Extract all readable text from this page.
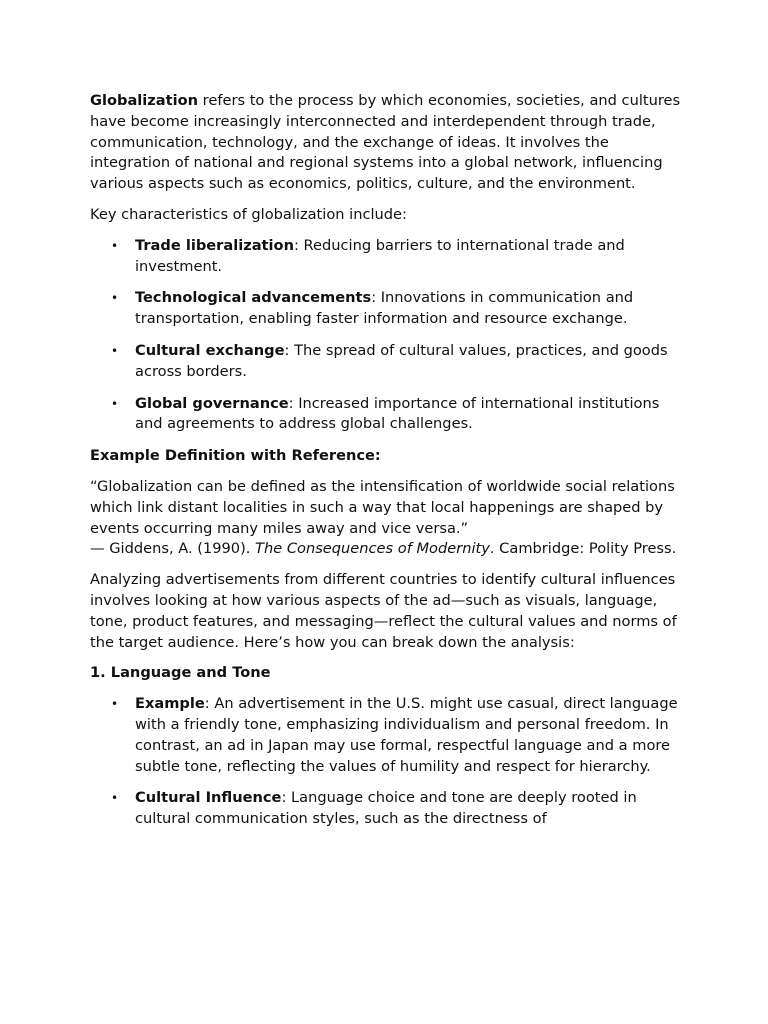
Globalization refers to the process by which economies, societies, and cultures have become increasingly interconnected and interdependent through trade, communication, technology, and the exchange of ideas. It involves the integration of national and regional systems into a global network, influencing various aspects such as economics, politics, culture, and the environment.

Key characteristics of globalization include:

• Trade liberalization: Reducing barriers to international trade and investment.
• Technological advancements: Innovations in communication and transportation, enabling faster information and resource exchange.
• Cultural exchange: The spread of cultural values, practices, and goods across borders.
• Global governance: Increased importance of international institutions and agreements to address global challenges.

Example Definition with Reference:

“Globalization can be defined as the intensification of worldwide social relations which link distant localities in such a way that local happenings are shaped by events occurring many miles away and vice versa.”
— Giddens, A. (1990). The Consequences of Modernity. Cambridge: Polity Press.

Analyzing advertisements from different countries to identify cultural influences involves looking at how various aspects of the ad—such as visuals, language, tone, product features, and messaging—reflect the cultural values and norms of the target audience. Here’s how you can break down the analysis:

1. Language and Tone

• Example: An advertisement in the U.S. might use casual, direct language with a friendly tone, emphasizing individualism and personal freedom. In contrast, an ad in Japan may use formal, respectful language and a more subtle tone, reflecting the values of humility and respect for hierarchy.
• Cultural Influence: Language choice and tone are deeply rooted in cultural communication styles, such as the directness of
